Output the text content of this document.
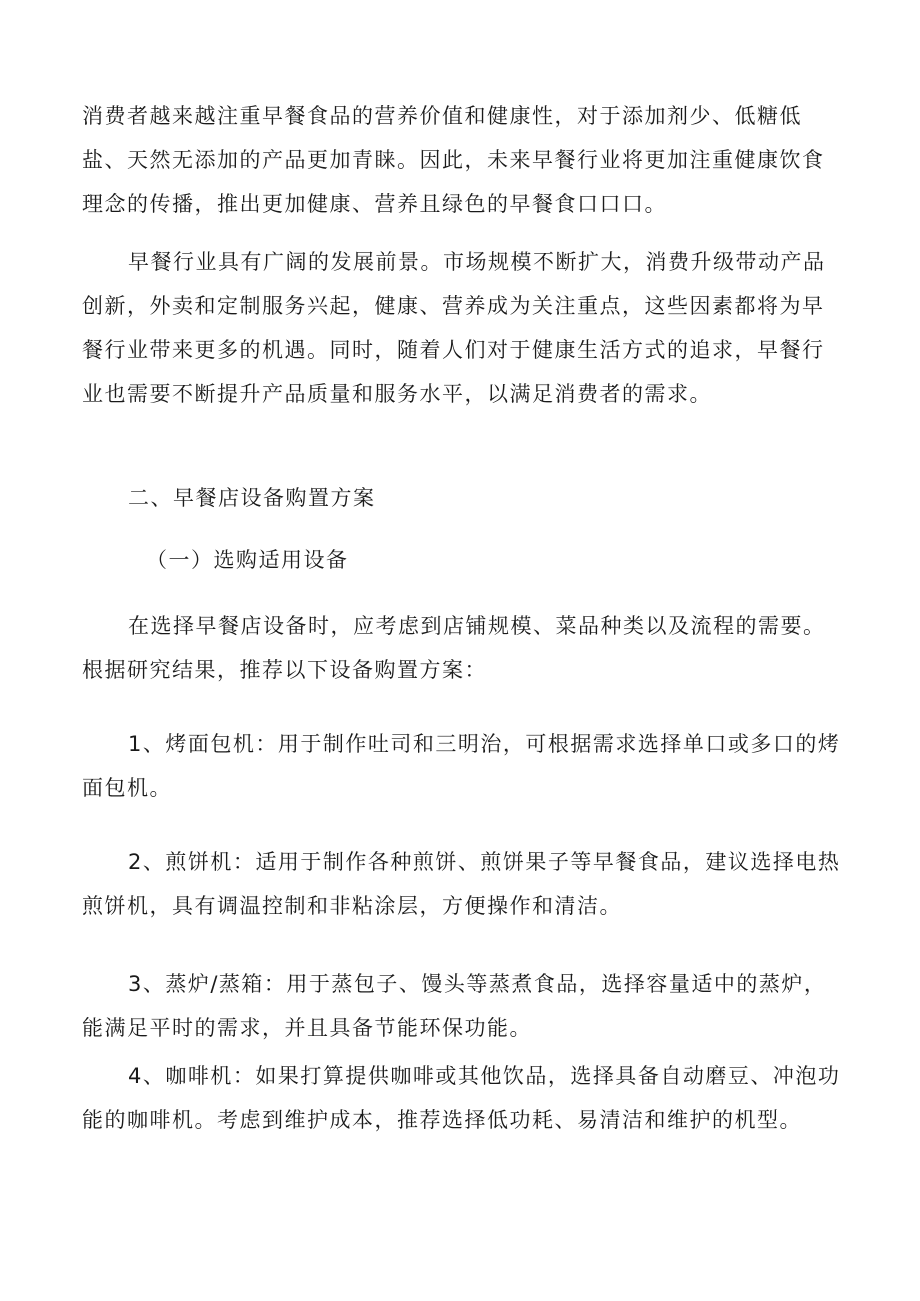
消费者越来越注重早餐食品的营养价值和健康性，对于添加剂少、低糖低盐、天然无添加的产品更加青睐。因此，未来早餐行业将更加注重健康饮食理念的传播，推出更加健康、营养且绿色的早餐食口口口。

早餐行业具有广阔的发展前景。市场规模不断扩大，消费升级带动产品创新，外卖和定制服务兴起，健康、营养成为关注重点，这些因素都将为早餐行业带来更多的机遇。同时，随着人们对于健康生活方式的追求，早餐行业也需要不断提升产品质量和服务水平，以满足消费者的需求。

二、早餐店设备购置方案

（一）选购适用设备

在选择早餐店设备时，应考虑到店铺规模、菜品种类以及流程的需要。根据研究结果，推荐以下设备购置方案：

1、烤面包机：用于制作吐司和三明治，可根据需求选择单口或多口的烤面包机。

2、煎饼机：适用于制作各种煎饼、煎饼果子等早餐食品，建议选择电热煎饼机，具有调温控制和非粘涂层，方便操作和清洁。

3、蒸炉/蒸箱：用于蒸包子、馒头等蒸煮食品，选择容量适中的蒸炉，能满足平时的需求，并且具备节能环保功能。

4、咖啡机：如果打算提供咖啡或其他饮品，选择具备自动磨豆、冲泡功能的咖啡机。考虑到维护成本，推荐选择低功耗、易清洁和维护的机型。
